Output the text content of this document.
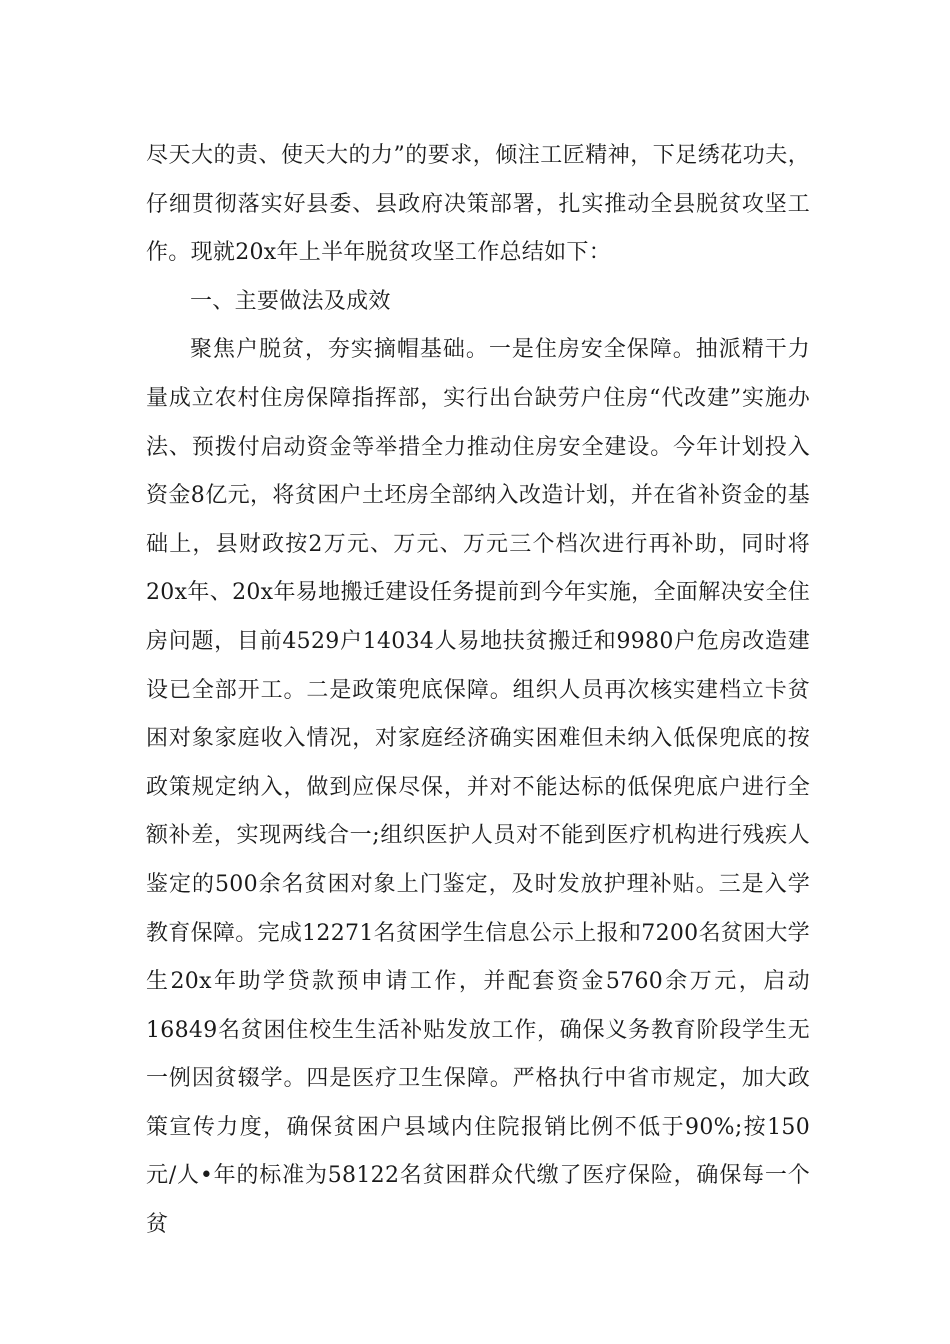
尽天大的责、使天大的力”的要求，倾注工匠精神，下足绣花功夫，仔细贯彻落实好县委、县政府决策部署，扎实推动全县脱贫攻坚工作。现就20x年上半年脱贫攻坚工作总结如下：

一、主要做法及成效

聚焦户脱贫，夯实摘帽基础。一是住房安全保障。抽派精干力量成立农村住房保障指挥部，实行出台缺劳户住房“代改建”实施办法、预拨付启动资金等举措全力推动住房安全建设。今年计划投入资金8亿元，将贫困户土坯房全部纳入改造计划，并在省补资金的基础上，县财政按2万元、万元、万元三个档次进行再补助，同时将20x年、20x年易地搬迁建设任务提前到今年实施，全面解决安全住房问题，目前4529户14034人易地扶贫搬迁和9980户危房改造建设已全部开工。二是政策兜底保障。组织人员再次核实建档立卡贫困对象家庭收入情况，对家庭经济确实困难但未纳入低保兜底的按政策规定纳入，做到应保尽保，并对不能达标的低保兜底户进行全额补差，实现两线合一;组织医护人员对不能到医疗机构进行残疾人鉴定的500余名贫困对象上门鉴定，及时发放护理补贴。三是入学教育保障。完成12271名贫困学生信息公示上报和7200名贫困大学生20x年助学贷款预申请工作，并配套资金5760余万元，启动16849名贫困住校生生活补贴发放工作，确保义务教育阶段学生无一例因贫辍学。四是医疗卫生保障。严格执行中省市规定，加大政策宣传力度，确保贫困户县域内住院报销比例不低于90%;按150元/人•年的标准为58122名贫困群众代缴了医疗保险，确保每一个贫
